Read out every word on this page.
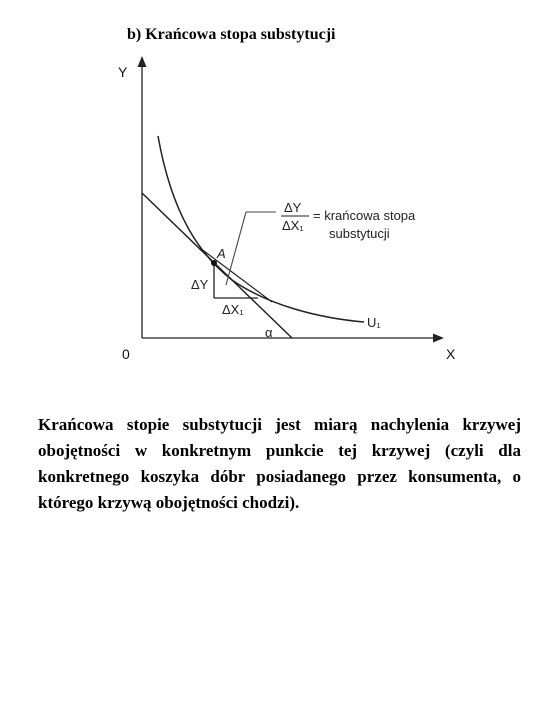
b) Krańcowa stopa substytucji
Y
X
0
A
ΔY
ΔX₁
α
U₁
ΔY
ΔX₁
= krańcowa stopa
substytucji

Krańcowa stopie substytucji jest miarą nachylenia krzywej obojętności w konkretnym punkcie tej krzywej (czyli dla konkretnego koszyka dóbr posiadanego przez konsumenta, o którego krzywą obojętności chodzi).
